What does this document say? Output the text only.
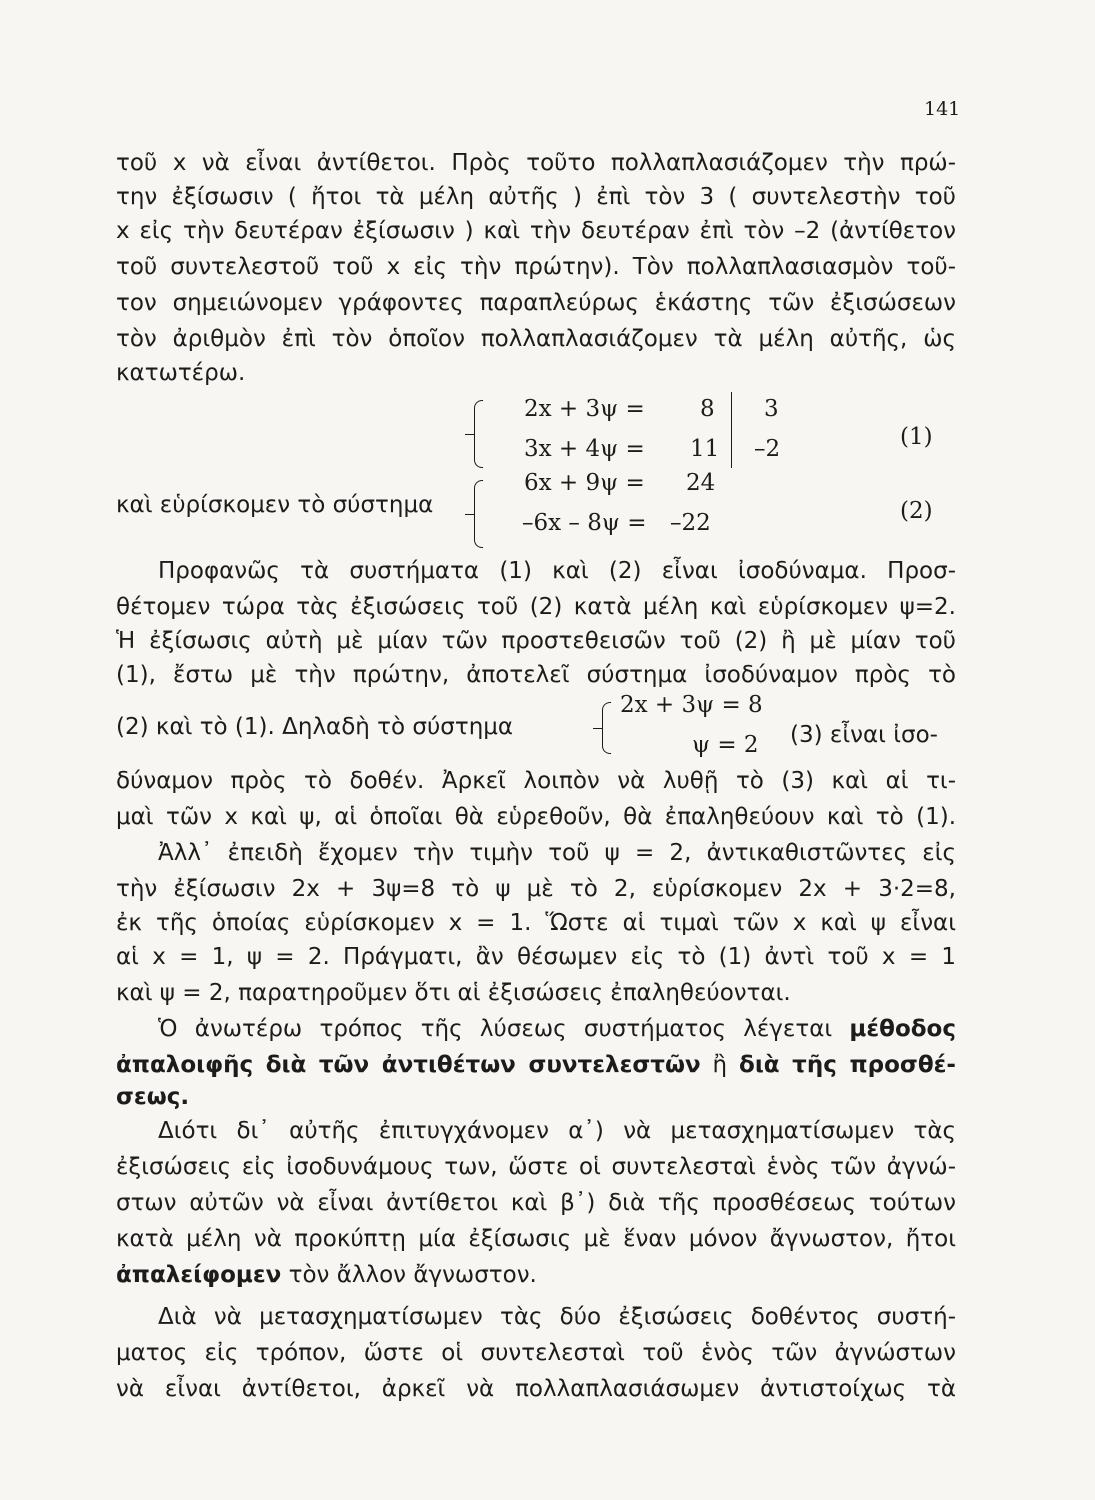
141
τοῦ x νὰ εἶναι ἀντίθετοι. Πρὸς τοῦτο πολλαπλασιάζομεν τὴν πρώ-
την ἐξίσωσιν ( ἤτοι τὰ μέλη αὐτῆς ) ἐπὶ τὸν 3 ( συντελεστὴν τοῦ
x εἰς τὴν δευτέραν ἐξίσωσιν ) καὶ τὴν δευτέραν ἐπὶ τὸν –2 (ἀντίθετον
τοῦ συντελεστοῦ τοῦ x εἰς τὴν πρώτην). Τὸν πολλαπλασιασμὸν τοῦ-
τον σημειώνομεν γράφοντες παραπλεύρως ἑκάστης τῶν ἐξισώσεων
τὸν ἀριθμὸν ἐπὶ τὸν ὁποῖον πολλαπλασιάζομεν τὰ μέλη αὐτῆς, ὡς
κατωτέρω.
2x + 3ψ = 8 3
3x + 4ψ = 11 –2	(1)
καὶ εὑρίσκομεν τὸ σύστημα
6x + 9ψ = 24
–6x – 8ψ = –22	(2)
Προφανῶς τὰ συστήματα (1) καὶ (2) εἶναι ἰσοδύναμα. Προσ-
θέτομεν τώρα τὰς ἐξισώσεις τοῦ (2) κατὰ μέλη καὶ εὑρίσκομεν ψ=2.
Ἡ ἐξίσωσις αὐτὴ μὲ μίαν τῶν προστεθεισῶν τοῦ (2) ἢ μὲ μίαν τοῦ
(1), ἔστω μὲ τὴν πρώτην, ἀποτελεῖ σύστημα ἰσοδύναμον πρὸς τὸ
(2) καὶ τὸ (1). Δηλαδὴ τὸ σύστημα
2x + 3ψ = 8
ψ = 2 (3) εἶναι ἰσο-
δύναμον πρὸς τὸ δοθέν. Ἀρκεῖ λοιπὸν νὰ λυθῇ τὸ (3) καὶ αἱ τι-
μαὶ τῶν x καὶ ψ, αἱ ὁποῖαι θὰ εὑρεθοῦν, θὰ ἐπαληθεύουν καὶ τὸ (1).
Ἀλλ᾽ ἐπειδὴ ἔχομεν τὴν τιμὴν τοῦ ψ = 2, ἀντικαθιστῶντες εἰς
τὴν ἐξίσωσιν 2x + 3ψ=8 τὸ ψ μὲ τὸ 2, εὑρίσκομεν 2x + 3·2=8,
ἐκ τῆς ὁποίας εὑρίσκομεν x = 1. Ὥστε αἱ τιμαὶ τῶν x καὶ ψ εἶναι
αἱ x = 1, ψ = 2. Πράγματι, ἂν θέσωμεν εἰς τὸ (1) ἀντὶ τοῦ x = 1
καὶ ψ = 2, παρατηροῦμεν ὅτι αἱ ἐξισώσεις ἐπαληθεύονται.
Ὁ ἀνωτέρω τρόπος τῆς λύσεως συστήματος λέγεται μέθοδος
ἀπαλοιφῆς διὰ τῶν ἀντιθέτων συντελεστῶν ἢ διὰ τῆς προσθέ-
σεως.
Διότι δι᾽ αὐτῆς ἐπιτυγχάνομεν α᾽) νὰ μετασχηματίσωμεν τὰς
ἐξισώσεις εἰς ἰσοδυνάμους των, ὥστε οἱ συντελεσταὶ ἑνὸς τῶν ἀγνώ-
στων αὐτῶν νὰ εἶναι ἀντίθετοι καὶ β᾽) διὰ τῆς προσθέσεως τούτων
κατὰ μέλη νὰ προκύπτῃ μία ἐξίσωσις μὲ ἕναν μόνον ἄγνωστον, ἤτοι
ἀπαλείφομεν τὸν ἄλλον ἄγνωστον.
Διὰ νὰ μετασχηματίσωμεν τὰς δύο ἐξισώσεις δοθέντος συστή-
ματος εἰς τρόπον, ὥστε οἱ συντελεσταὶ τοῦ ἑνὸς τῶν ἀγνώστων
νὰ εἶναι ἀντίθετοι, ἀρκεῖ νὰ πολλαπλασιάσωμεν ἀντιστοίχως τὰ
